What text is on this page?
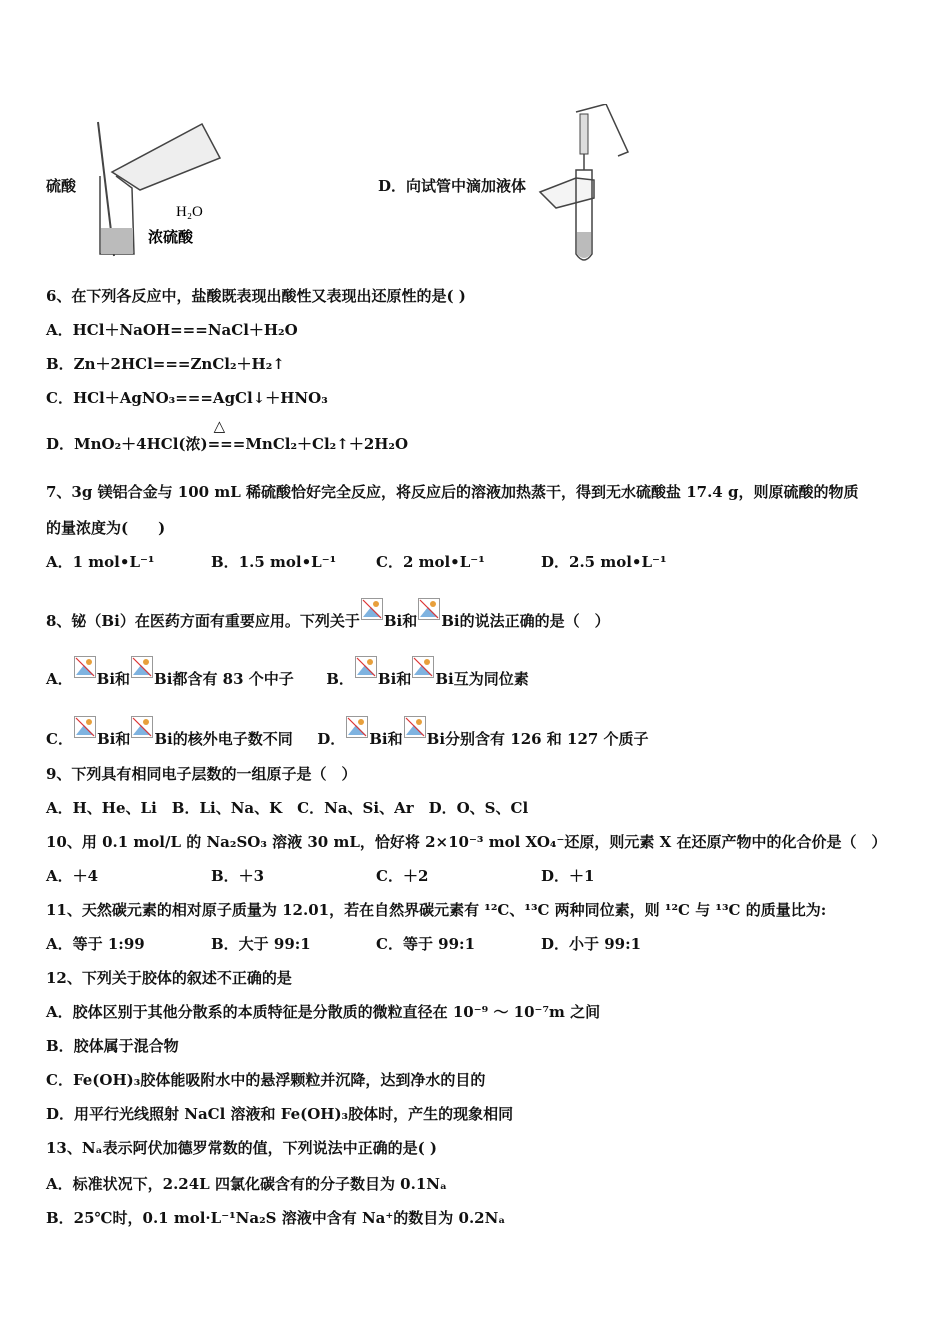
硫酸
H₂O
浓硫酸
D．向试管中滴加液体
6、在下列各反应中，盐酸既表现出酸性又表现出还原性的是( )
A．HCl＋NaOH===NaCl＋H₂O
B．Zn＋2HCl===ZnCl₂＋H₂↑
C．HCl＋AgNO₃===AgCl↓＋HNO₃
D．MnO₂＋4HCl(浓)
△
===MnCl₂＋Cl₂↑＋2H₂O
7、3g 镁铝合金与 100 mL 稀硫酸恰好完全反应，将反应后的溶液加热蒸干，得到无水硫酸盐 17.4 g，则原硫酸的物质
的量浓度为(　　)
A．1 mol•L⁻¹	B．1.5 mol•L⁻¹	C．2 mol•L⁻¹	D．2.5 mol•L⁻¹
8、铋（Bi）在医药方面有重要应用。下列关于 Bi和 Bi的说法正确的是（　）
A． Bi和 Bi都含有 83 个中子 B． Bi和 Bi互为同位素
C． Bi和 Bi的核外电子数不同 D． Bi和 Bi分别含有 126 和 127 个质子
9、下列具有相同电子层数的一组原子是（　）
A．H、He、Li　B．Li、Na、K　C．Na、Si、Ar　D．O、S、Cl
10、用 0.1 mol/L 的 Na₂SO₃ 溶液 30 mL，恰好将 2×10⁻³ mol XO₄⁻还原，则元素 X 在还原产物中的化合价是（　）
A．＋4	B．＋3	C．＋2	D．＋1
11、天然碳元素的相对原子质量为 12.01，若在自然界碳元素有 ¹²C、¹³C 两种同位素，则 ¹²C 与 ¹³C 的质量比为:
A．等于 1:99	B．大于 99:1	C．等于 99:1	D．小于 99:1
12、下列关于胶体的叙述不正确的是
A．胶体区别于其他分散系的本质特征是分散质的微粒直径在 10⁻⁹ ～ 10⁻⁷m 之间
B．胶体属于混合物
C．Fe(OH)₃胶体能吸附水中的悬浮颗粒并沉降，达到净水的目的
D．用平行光线照射 NaCl 溶液和 Fe(OH)₃胶体时，产生的现象相同
13、Nₐ表示阿伏加德罗常数的值，下列说法中正确的是( )
A．标准状况下，2.24L 四氯化碳含有的分子数目为 0.1Nₐ
B．25℃时，0.1 mol·L⁻¹Na₂S 溶液中含有 Na⁺的数目为 0.2Nₐ
